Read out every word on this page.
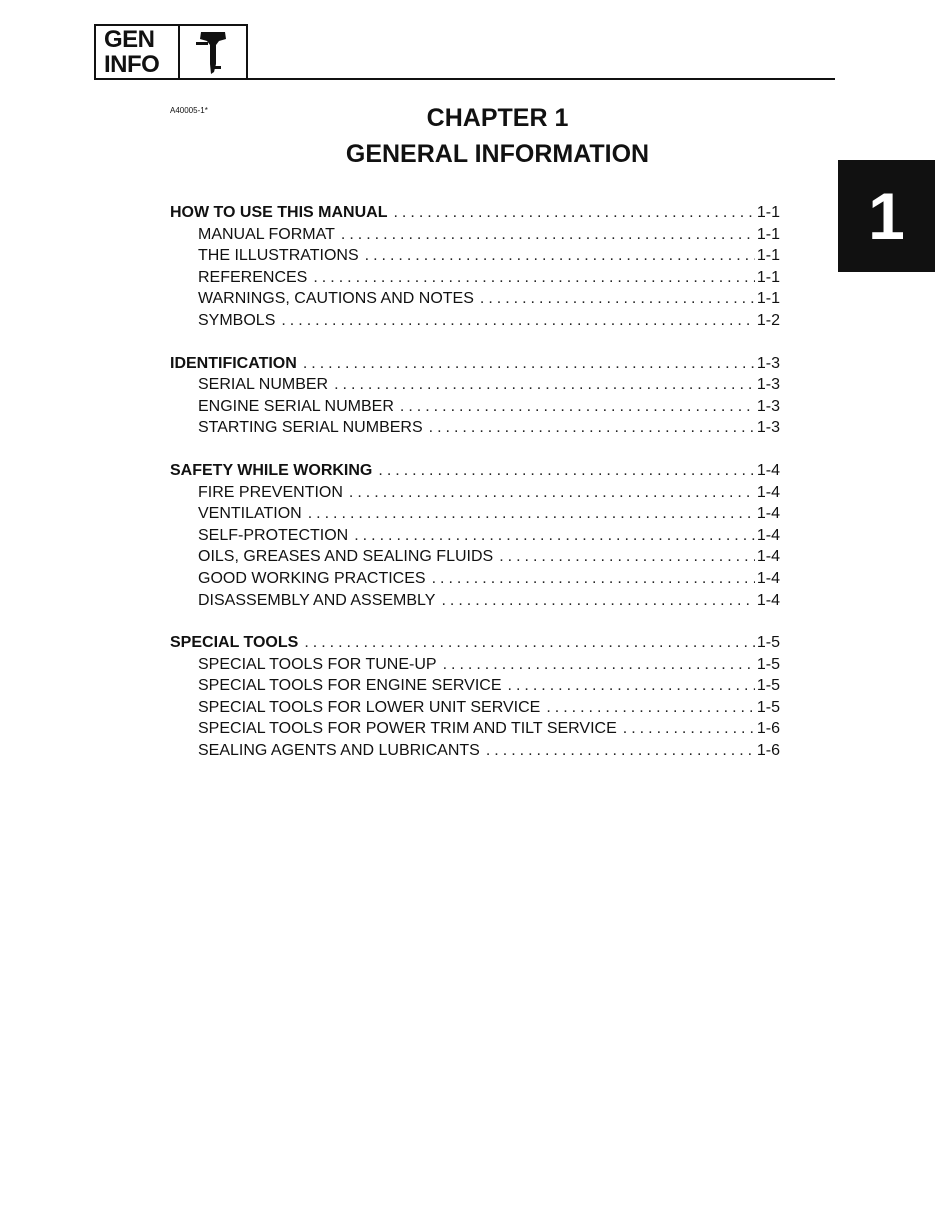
GEN
INFO
A40005-1*	CHAPTER 1
GENERAL INFORMATION
1
HOW TO USE THIS MANUAL .....	1-1
MANUAL FORMAT .....	1-1
THE ILLUSTRATIONS .....	1-1
REFERENCES .....	1-1
WARNINGS, CAUTIONS AND NOTES .....	1-1
SYMBOLS .....	1-2
IDENTIFICATION .....	1-3
SERIAL NUMBER .....	1-3
ENGINE SERIAL NUMBER .....	1-3
STARTING SERIAL NUMBERS .....	1-3
SAFETY WHILE WORKING .....	1-4
FIRE PREVENTION .....	1-4
VENTILATION .....	1-4
SELF-PROTECTION .....	1-4
OILS, GREASES AND SEALING FLUIDS .....	1-4
GOOD WORKING PRACTICES .....	1-4
DISASSEMBLY AND ASSEMBLY .....	1-4
SPECIAL TOOLS .....	1-5
SPECIAL TOOLS FOR TUNE-UP .....	1-5
SPECIAL TOOLS FOR ENGINE SERVICE .....	1-5
SPECIAL TOOLS FOR LOWER UNIT SERVICE .....	1-5
SPECIAL TOOLS FOR POWER TRIM AND TILT SERVICE .....	1-6
SEALING AGENTS AND LUBRICANTS .....	1-6
